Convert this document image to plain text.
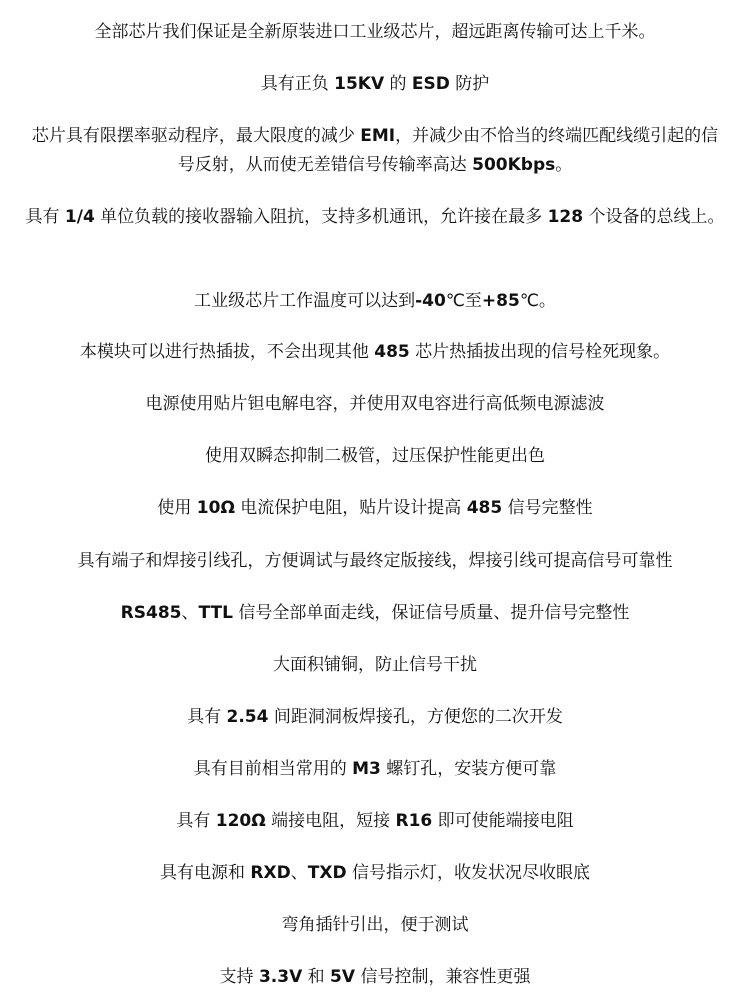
全部芯片我们保证是全新原装进口工业级芯片，超远距离传输可达上千米。

具有正负 15KV 的 ESD 防护

芯片具有限摆率驱动程序，最大限度的减少 EMI，并减少由不恰当的终端匹配线缆引起的信号反射，从而使无差错信号传输率高达 500Kbps。

具有 1/4 单位负载的接收器输入阻抗，支持多机通讯，允许接在最多 128 个设备的总线上。

工业级芯片工作温度可以达到-40℃至+85℃。

本模块可以进行热插拔，不会出现其他 485 芯片热插拔出现的信号栓死现象。

电源使用贴片钽电解电容，并使用双电容进行高低频电源滤波

使用双瞬态抑制二极管，过压保护性能更出色

使用 10Ω 电流保护电阻，贴片设计提高 485 信号完整性

具有端子和焊接引线孔，方便调试与最终定版接线，焊接引线可提高信号可靠性

RS485、TTL 信号全部单面走线，保证信号质量、提升信号完整性

大面积铺铜，防止信号干扰

具有 2.54 间距洞洞板焊接孔，方便您的二次开发

具有目前相当常用的 M3 螺钉孔，安装方便可靠

具有 120Ω 端接电阻，短接 R16 即可使能端接电阻

具有电源和 RXD、TXD 信号指示灯，收发状况尽收眼底

弯角插针引出，便于测试

支持 3.3V 和 5V 信号控制，兼容性更强
